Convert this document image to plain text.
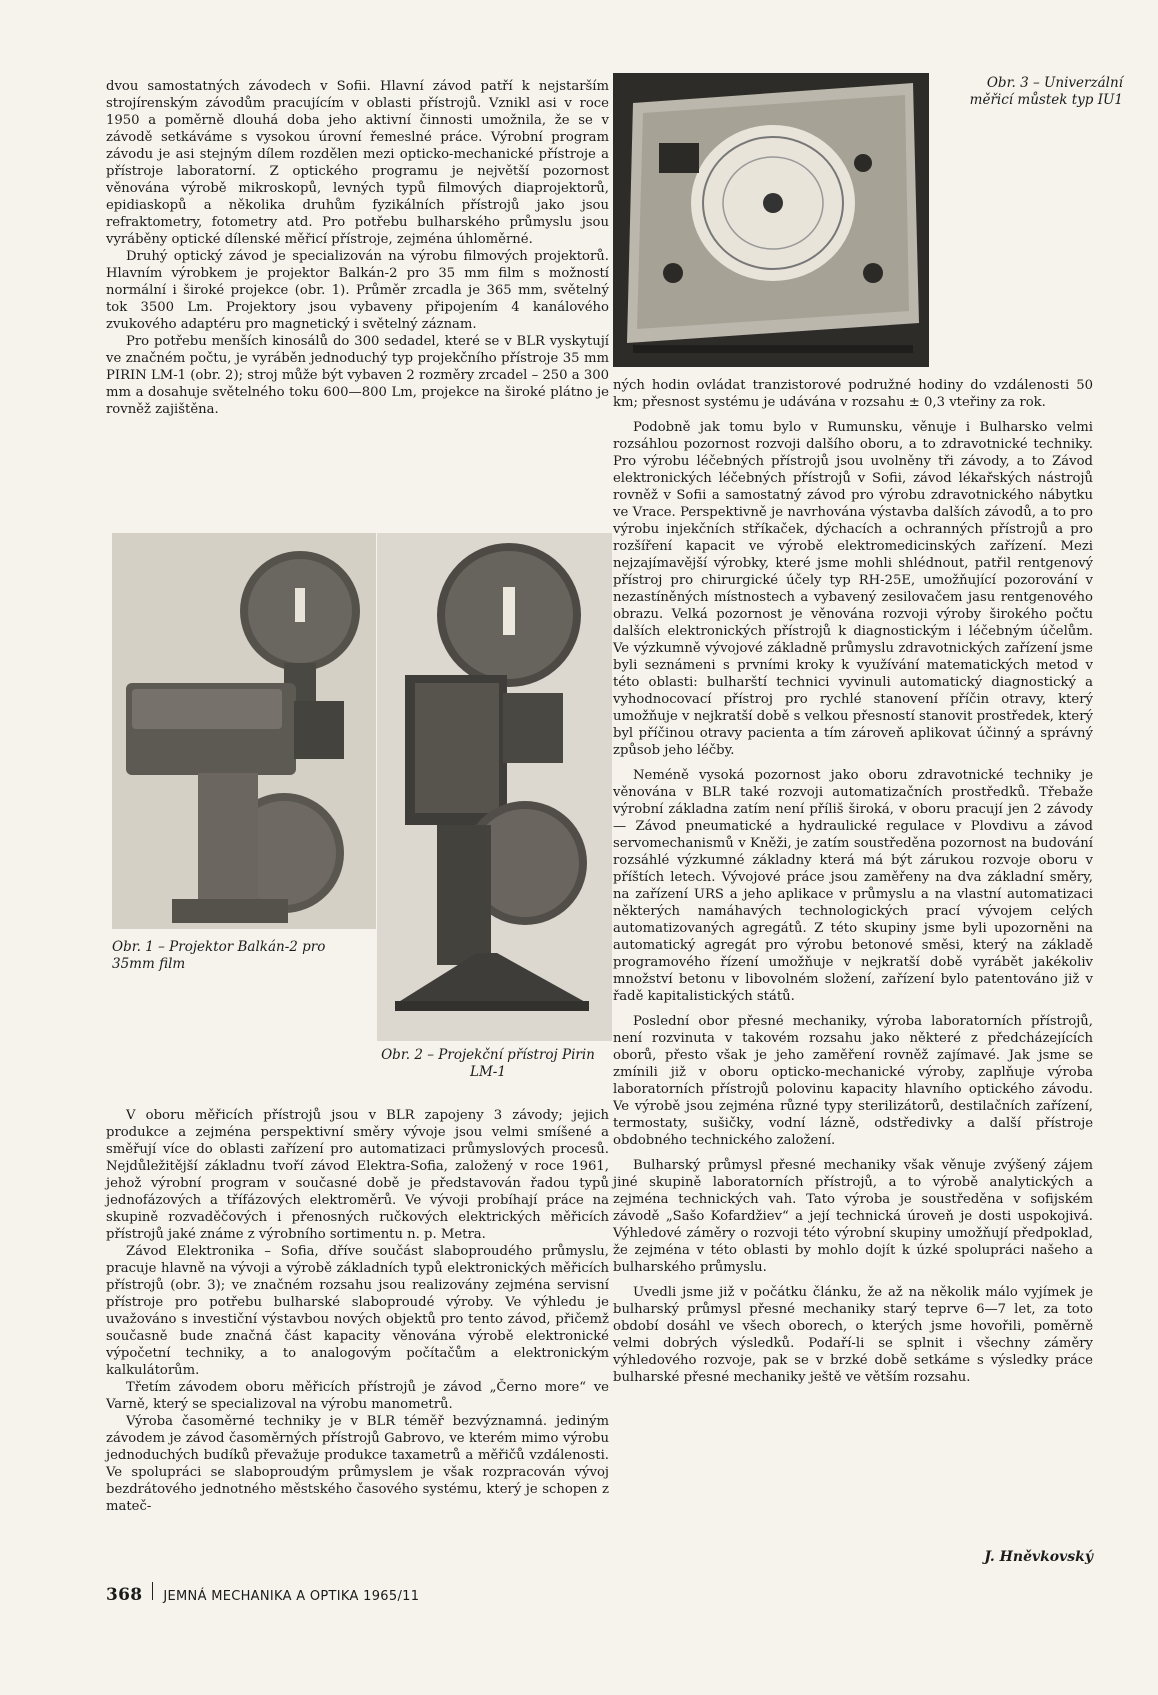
dvou samostatných závodech v Sofii. Hlavní závod patří k nejstarším strojírenským závodům pracujícím v oblasti přístrojů. Vznikl asi v roce 1950 a poměrně dlouhá doba jeho aktivní činnosti umožnila, že se v závodě setkáváme s vysokou úrovní řemeslné práce. Výrobní program závodu je asi stejným dílem rozdělen mezi opticko-mechanické přístroje a přístroje laboratorní. Z optického programu je největší pozornost věnována výrobě mikroskopů, levných typů filmových diaprojektorů, epidiaskopů a několika druhům fyzikálních přístrojů jako jsou refraktometry, fotometry atd. Pro potřebu bulharského průmyslu jsou vyráběny optické dílenské měřicí přístroje, zejména úhloměrné.

Druhý optický závod je specializován na výrobu filmových projektorů. Hlavním výrobkem je projektor Balkán-2 pro 35 mm film s možností normální i široké projekce (obr. 1). Průměr zrcadla je 365 mm, světelný tok 3500 Lm. Projektory jsou vybaveny připojením 4 kanálového zvukového adaptéru pro magnetický i světelný záznam.

Pro potřebu menších kinosálů do 300 sedadel, které se v BLR vyskytují ve značném počtu, je vyráběn jednoduchý typ projekčního přístroje 35 mm PIRIN LM-1 (obr. 2); stroj může být vybaven 2 rozměry zrcadel – 250 a 300 mm a dosahuje světelného toku 600—800 Lm, projekce na široké plátno je rovněž zajištěna.

Obr. 1 – Projektor Balkán-2 pro 35mm film
Obr. 2 – Projekční přístroj Pirin LM-1
Obr. 3 – Univerzální měřicí můstek typ IU1

V oboru měřicích přístrojů jsou v BLR zapojeny 3 závody; jejich produkce a zejména perspektivní směry vývoje jsou velmi smíšené a směřují více do oblasti zařízení pro automatizaci průmyslových procesů. Nejdůležitější základnu tvoří závod Elektra-Sofia, založený v roce 1961, jehož výrobní program v současné době je představován řadou typů jednofázových a třífázových elektroměrů. Ve vývoji probíhají práce na skupině rozvaděčových i přenosných ručkových elektrických měřicích přístrojů jaké známe z výrobního sortimentu n. p. Metra.

Závod Elektronika – Sofia, dříve součást slaboproudého průmyslu, pracuje hlavně na vývoji a výrobě základních typů elektronických měřicích přístrojů (obr. 3); ve značném rozsahu jsou realizovány zejména servisní přístroje pro potřebu bulharské slaboproudé výroby. Ve výhledu je uvažováno s investiční výstavbou nových objektů pro tento závod, přičemž současně bude značná část kapacity věnována výrobě elektronické výpočetní techniky, a to analogovým počítačům a elektronickým kalkulátorům.

Třetím závodem oboru měřicích přístrojů je závod „Černo more“ ve Varně, který se specializoval na výrobu manometrů.

Výroba časoměrné techniky je v BLR téměř bezvýznamná. jediným závodem je závod časoměrných přístrojů Gabrovo, ve kterém mimo výrobu jednoduchých budíků převažuje produkce taxametrů a měřičů vzdálenosti. Ve spolupráci se slaboproudým průmyslem je však rozpracován vývoj bezdrátového jednotného městského časového systému, který je schopen z mateč-

ných hodin ovládat tranzistorové podružné hodiny do vzdálenosti 50 km; přesnost systému je udávána v rozsahu ± 0,3 vteřiny za rok.

Podobně jak tomu bylo v Rumunsku, věnuje i Bulharsko velmi rozsáhlou pozornost rozvoji dalšího oboru, a to zdravotnické techniky. Pro výrobu léčebných přístrojů jsou uvolněny tři závody, a to Závod elektronických léčebných přístrojů v Sofii, závod lékařských nástrojů rovněž v Sofii a samostatný závod pro výrobu zdravotnického nábytku ve Vrace. Perspektivně je navrhována výstavba dalších závodů, a to pro výrobu injekčních stříkaček, dýchacích a ochranných přístrojů a pro rozšíření kapacit ve výrobě elektromedicinských zařízení. Mezi nejzajímavější výrobky, které jsme mohli shlédnout, patřil rentgenový přístroj pro chirurgické účely typ RH-25E, umožňující pozorování v nezastíněných místnostech a vybavený zesilovačem jasu rentgenového obrazu. Velká pozornost je věnována rozvoji výroby širokého počtu dalších elektronických přístrojů k diagnostickým i léčebným účelům. Ve výzkumně vývojové základně průmyslu zdravotnických zařízení jsme byli seznámeni s prvními kroky k využívání matematických metod v této oblasti: bulharští technici vyvinuli automatický diagnostický a vyhodnocovací přístroj pro rychlé stanovení příčin otravy, který umožňuje v nejkratší době s velkou přesností stanovit prostředek, který byl příčinou otravy pacienta a tím zároveň aplikovat účinný a správný způsob jeho léčby.

Neméně vysoká pozornost jako oboru zdravotnické techniky je věnována v BLR také rozvoji automatizačních prostředků. Třebaže výrobní základna zatím není příliš široká, v oboru pracují jen 2 závody — Závod pneumatické a hydraulické regulace v Plovdivu a závod servomechanismů v Kněži, je zatím soustředěna pozornost na budování rozsáhlé výzkumné základny která má být zárukou rozvoje oboru v příštích letech. Vývojové práce jsou zaměřeny na dva základní směry, na zařízení URS a jeho aplikace v průmyslu a na vlastní automatizaci některých namáhavých technologických prací vývojem celých automatizovaných agregátů. Z této skupiny jsme byli upozorněni na automatický agregát pro výrobu betonové směsi, který na základě programového řízení umožňuje v nejkratší době vyrábět jakékoliv množství betonu v libovolném složení, zařízení bylo patentováno již v řadě kapitalistických států.

Poslední obor přesné mechaniky, výroba laboratorních přístrojů, není rozvinuta v takovém rozsahu jako některé z předcházejících oborů, přesto však je jeho zaměření rovněž zajímavé. Jak jsme se zmínili již v oboru opticko-mechanické výroby, zaplňuje výroba laboratorních přístrojů polovinu kapacity hlavního optického závodu. Ve výrobě jsou zejména různé typy sterilizátorů, destilačních zařízení, termostaty, sušičky, vodní lázně, odstředivky a další přístroje obdobného technického založení.

Bulharský průmysl přesné mechaniky však věnuje zvýšený zájem jiné skupině laboratorních přístrojů, a to výrobě analytických a zejména technických vah. Tato výroba je soustředěna v sofijském závodě „Sašo Kofardžiev“ a její technická úroveň je dosti uspokojivá. Výhledové záměry o rozvoji této výrobní skupiny umožňují předpoklad, že zejména v této oblasti by mohlo dojít k úzké spolupráci našeho a bulharského průmyslu.

Uvedli jsme již v počátku článku, že až na několik málo vyjímek je bulharský průmysl přesné mechaniky starý teprve 6—7 let, za toto období dosáhl ve všech oborech, o kterých jsme hovořili, poměrně velmi dobrých výsledků. Podaří-li se splnit i všechny záměry výhledového rozvoje, pak se v brzké době setkáme s výsledky práce bulharské přesné mechaniky ještě ve větším rozsahu.

J. Hněvkovský
368 JEMNÁ MECHANIKA A OPTIKA 1965/11
